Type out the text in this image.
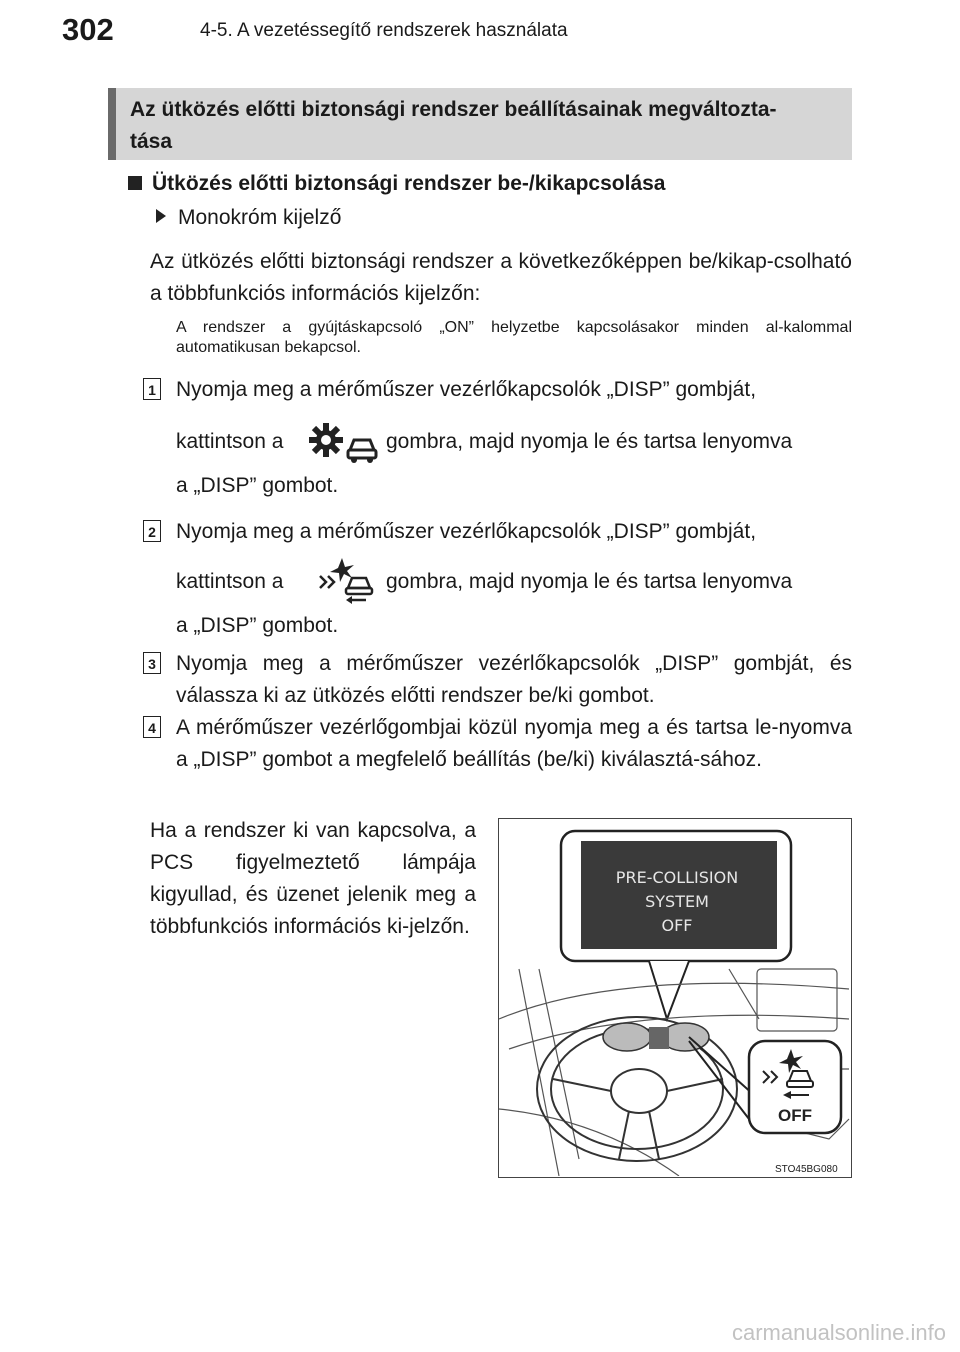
302	4-5. A vezetéssegítő rendszerek használata
Az ütközés előtti biztonsági rendszer beállításainak megváltozta-
tása
Ütközés előtti biztonsági rendszer be-/kikapcsolása
Monokróm kijelző
Az ütközés előtti biztonsági rendszer a következőképpen be/kikap-csolható a többfunkciós információs kijelzőn:
A rendszer a gyújtáskapcsoló „ON” helyzetbe kapcsolásakor minden al-kalommal automatikusan bekapcsol.
1 Nyomja meg a mérőműszer vezérlőkapcsolók „DISP” gombját,
kattintson a	gombra, majd nyomja le és tartsa lenyomva
a „DISP” gombot.
2 Nyomja meg a mérőműszer vezérlőkapcsolók „DISP” gombját,
kattintson a	gombra, majd nyomja le és tartsa lenyomva
a „DISP” gombot.
3 Nyomja meg a mérőműszer vezérlőkapcsolók „DISP” gombját, és válassza ki az ütközés előtti rendszer be/ki gombot.
4 A mérőműszer vezérlőgombjai közül nyomja meg a és tartsa le-nyomva a „DISP” gombot a megfelelő beállítás (be/ki) kiválasztá-sához.
Ha a rendszer ki van kapcsolva, a PCS figyelmeztető lámpája kigyullad, és üzenet jelenik meg a többfunkciós információs ki-jelzőn.
PRE-COLLISION
SYSTEM
OFF
OFF
STO45BG080
carmanualsonline.info
